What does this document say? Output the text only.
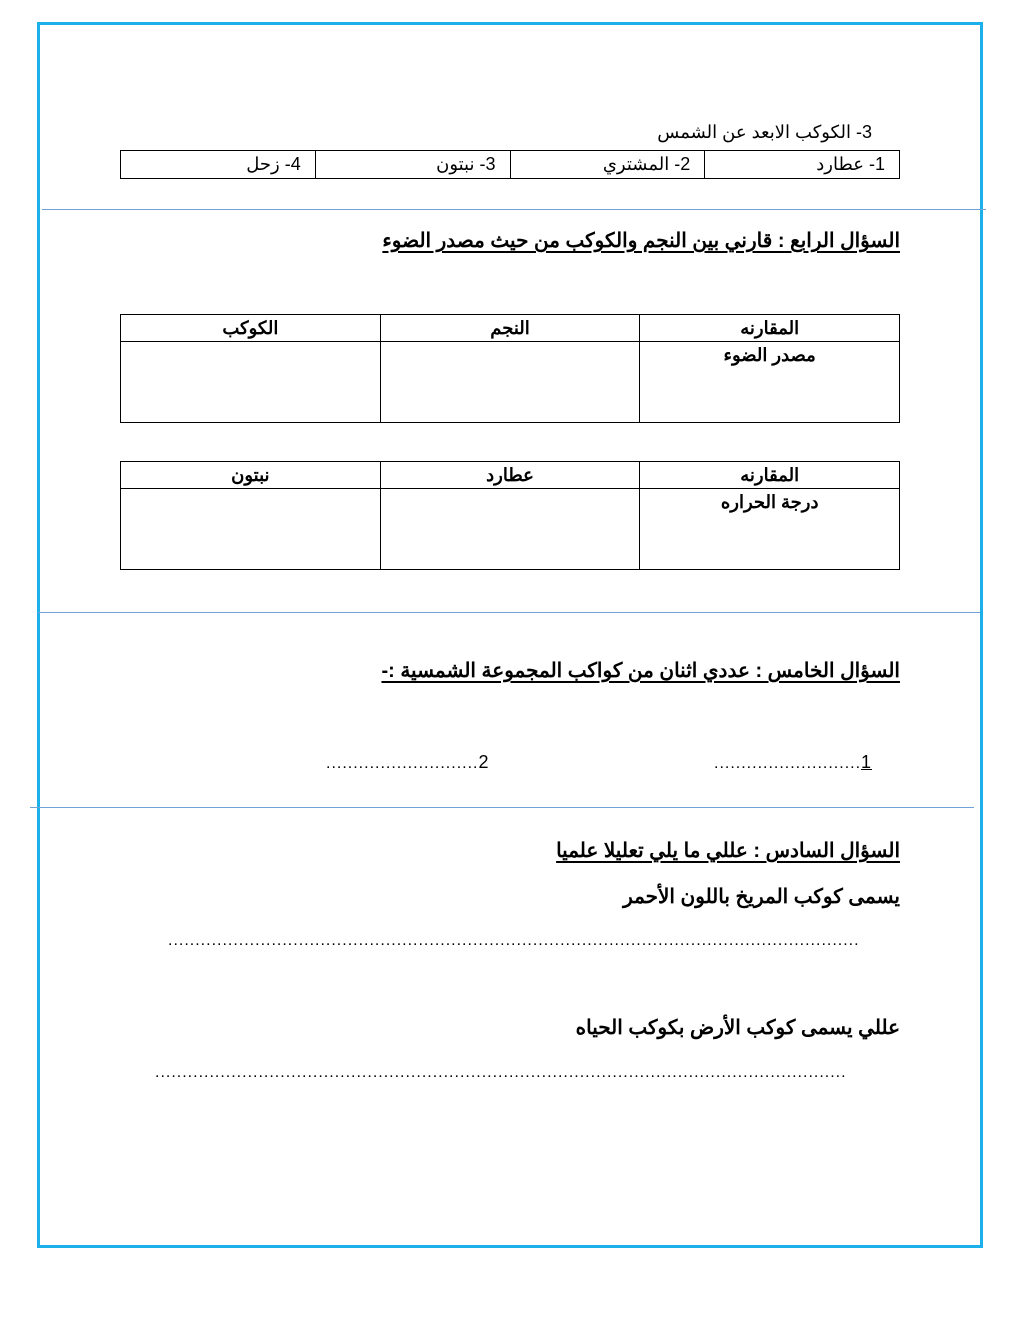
3- الكوكب الابعد عن الشمس
1- عطارد	2- المشتري	3- نبتون	4- زحل
السؤال الرابع : قارني بين النجم والكوكب من حيث مصدر الضوء
المقارنه	النجم	الكوكب
مصدر الضوء		
المقارنه	عطارد	نبتون
درجة الحراره		
السؤال الخامس : عددي اثنان من كواكب المجموعة الشمسية :-
...........................1
............................2
السؤال السادس : عللي ما يلي تعليلا علميا
يسمى كوكب المريخ باللون الأحمر
...............................................................................................................................
عللي يسمى كوكب الأرض بكوكب الحياه
...............................................................................................................................
